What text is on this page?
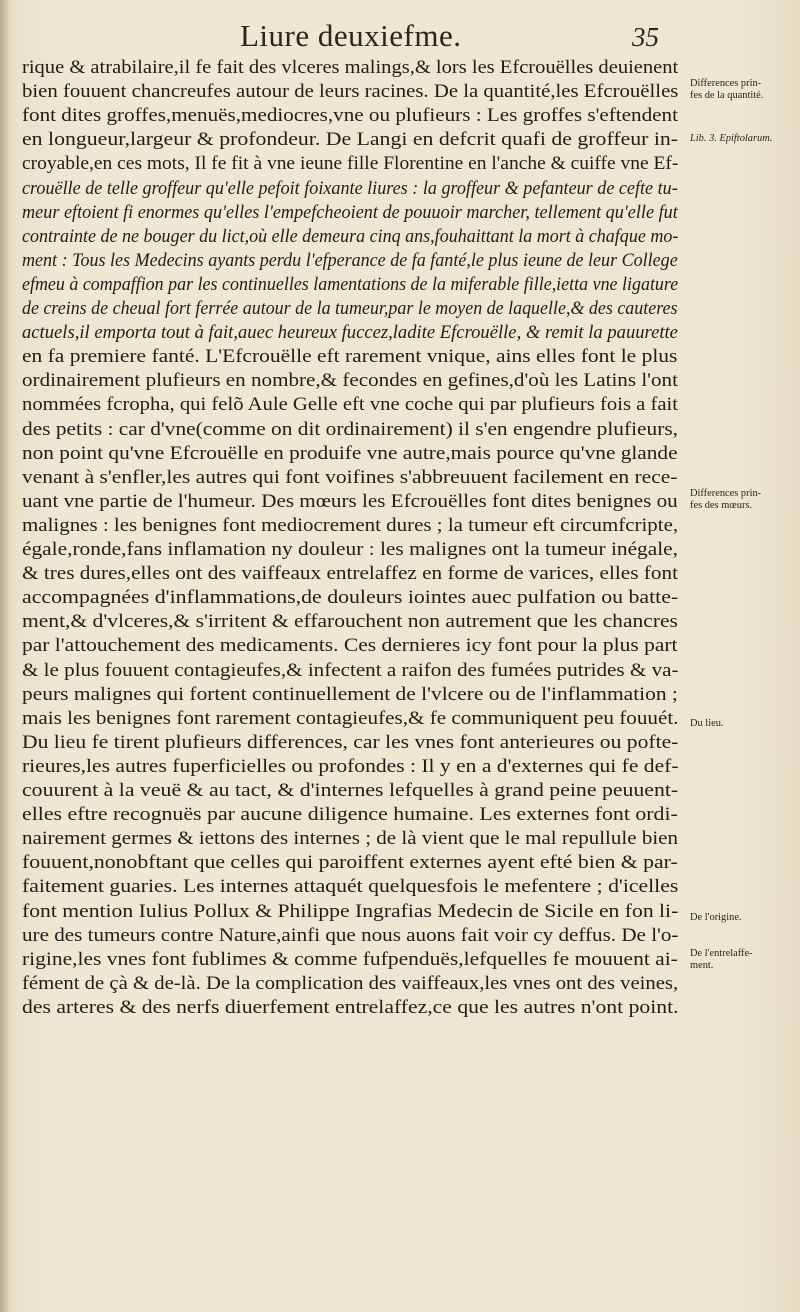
Liure deuxiefme.	35
rique & atrabilaire,il fe fait des vlceres malings,& lors les Efcrouëlles deuienent
bien fouuent chancreufes autour de leurs racines. De la quantité,les Efcrouëlles
font dites groffes,menuës,mediocres,vne ou plufieurs : Les groffes s'eftendent
en longueur,largeur & profondeur. De Langi en defcrit quafi de groffeur in-
croyable,en ces mots, Il fe fit à vne ieune fille Florentine en l'anche & cuiffe vne Ef-
crouëlle de telle groffeur qu'elle pefoit foixante liures : la groffeur & pefanteur de cefte tu-
meur eftoient fi enormes qu'elles l'empefcheoient de pouuoir marcher, tellement qu'elle fut
contrainte de ne bouger du lict,où elle demeura cinq ans,fouhaittant la mort à chafque mo-
ment : Tous les Medecins ayants perdu l'efperance de fa fanté,le plus ieune de leur College
efmeu à compaffion par les continuelles lamentations de la miferable fille,ietta vne ligature
de creins de cheual fort ferrée autour de la tumeur,par le moyen de laquelle,& des cauteres
actuels,il emporta tout à fait,auec heureux fuccez,ladite Efcrouëlle, & remit la pauurette
en fa premiere fanté. L'Efcrouëlle eft rarement vnique, ains elles font le plus
ordinairement plufieurs en nombre,& fecondes en gefines,d'où les Latins l'ont
nommées fcropha, qui felõ Aule Gelle eft vne coche qui par plufieurs fois a fait
des petits : car d'vne(comme on dit ordinairement) il s'en engendre plufieurs,
non point qu'vne Efcrouëlle en produife vne autre,mais pource qu'vne glande
venant à s'enfler,les autres qui font voifines s'abbreuuent facilement en rece-
uant vne partie de l'humeur. Des mœurs les Efcrouëlles font dites benignes ou
malignes : les benignes font mediocrement dures ; la tumeur eft circumfcripte,
égale,ronde,fans inflamation ny douleur : les malignes ont la tumeur inégale,
& tres dures,elles ont des vaiffeaux entrelaffez en forme de varices, elles font
accompagnées d'inflammations,de douleurs iointes auec pulfation ou batte-
ment,& d'vlceres,& s'irritent & effarouchent non autrement que les chancres
par l'attouchement des medicaments. Ces dernieres icy font pour la plus part
& le plus fouuent contagieufes,& infectent a raifon des fumées putrides & va-
peurs malignes qui fortent continuellement de l'vlcere ou de l'inflammation ;
mais les benignes font rarement contagieufes,& fe communiquent peu fouuét.
Du lieu fe tirent plufieurs differences, car les vnes font anterieures ou pofte-
rieures,les autres fuperficielles ou profondes : Il y en a d'externes qui fe def-
couurent à la veuë & au tact, & d'internes lefquelles à grand peine peuuent-
elles eftre recognuës par aucune diligence humaine. Les externes font ordi-
nairement germes & iettons des internes ; de là vient que le mal repullule bien
fouuent,nonobftant que celles qui paroiffent externes ayent efté bien & par-
faitement guaries. Les internes attaquét quelquesfois le mefentere ; d'icelles
font mention Iulius Pollux & Philippe Ingrafias Medecin de Sicile en fon li-
ure des tumeurs contre Nature,ainfi que nous auons fait voir cy deffus. De l'o-
rigine,les vnes font fublimes & comme fufpenduës,lefquelles fe mouuent ai-
fément de çà & de-là. De la complication des vaiffeaux,les vnes ont des veines,
des arteres & des nerfs diuerfement entrelaffez,ce que les autres n'ont point.
Differences prin-
fes de la quantité.
Lib. 3. Epiftolarum.
Differences prin-
fes des mœurs.
Du lieu.
De l'origine.
De l'entrelaffe-
ment.
